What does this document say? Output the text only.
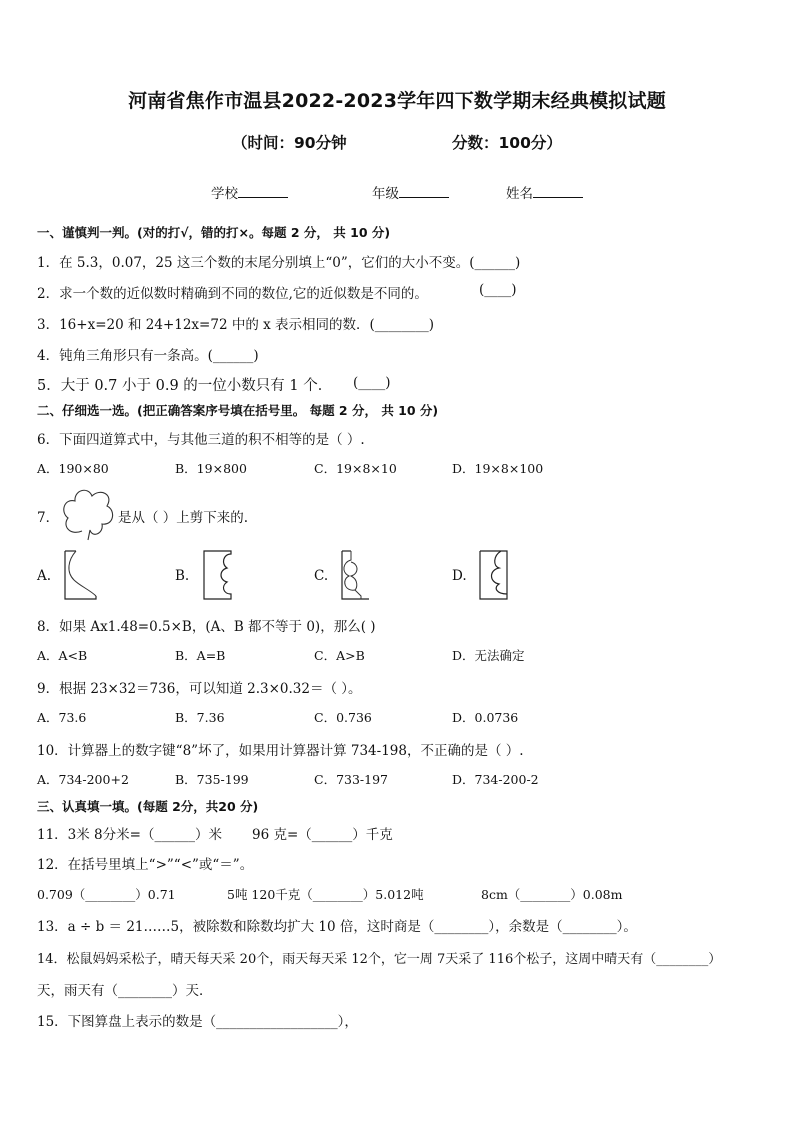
河南省焦作市温县2022-2023学年四下数学期末经典模拟试题
（时间：90分钟	分数：100分）
学校	年级	姓名
一、谨慎判一判。(对的打√，错的打×。每题 2 分， 共 10 分)
1．在 5.3，0.07，25 这三个数的末尾分别填上“0”，它们的大小不变。(______)
2．求一个数的近似数时精确到不同的数位,它的近似数是不同的。	(____)
3．16+x=20 和 24+12x=72 中的 x 表示相同的数．(________)
4．钝角三角形只有一条高。(______)
5．大于 0.7 小于 0.9 的一位小数只有 1 个． (____)
二、仔细选一选。(把正确答案序号填在括号里。 每题 2 分， 共 10 分)
6．下面四道算式中，与其他三道的积不相等的是（ ）.
A．190×80	B．19×800	C．19×8×10	D．19×8×100
7．	是从（ ）上剪下来的.
A.	B.	C.	D.
8．如果 Ax1.48=0.5×B，(A、B 都不等于 0)，那么( )
A．A<B	B．A=B	C．A>B	D．无法确定
9．根据 23×32＝736，可以知道 2.3×0.32＝（ ）。
A．73.6	B．7.36	C．0.736	D．0.0736
10．计算器上的数字键“8”坏了，如果用计算器计算 734-198，不正确的是（ ）.
A．734-200+2	B．735-199	C．733-197	D．734-200-2
三、认真填一填。(每题 2分，共20 分)
11．3米 8分米=（______）米 96 克=（______）千克
12．在括号里填上“>”“<”或“＝”。
0.709（________）0.71	5吨 120千克（________）5.012吨	8cm（________）0.08m
13．a ÷ b ＝ 21……5，被除数和除数均扩大 10 倍，这时商是（________），余数是（________）。
14．松鼠妈妈采松子，晴天每天采 20个，雨天每天采 12个，它一周 7天采了 116个松子，这周中晴天有（________）
天，雨天有（________）天．
15．下图算盘上表示的数是（__________________），
